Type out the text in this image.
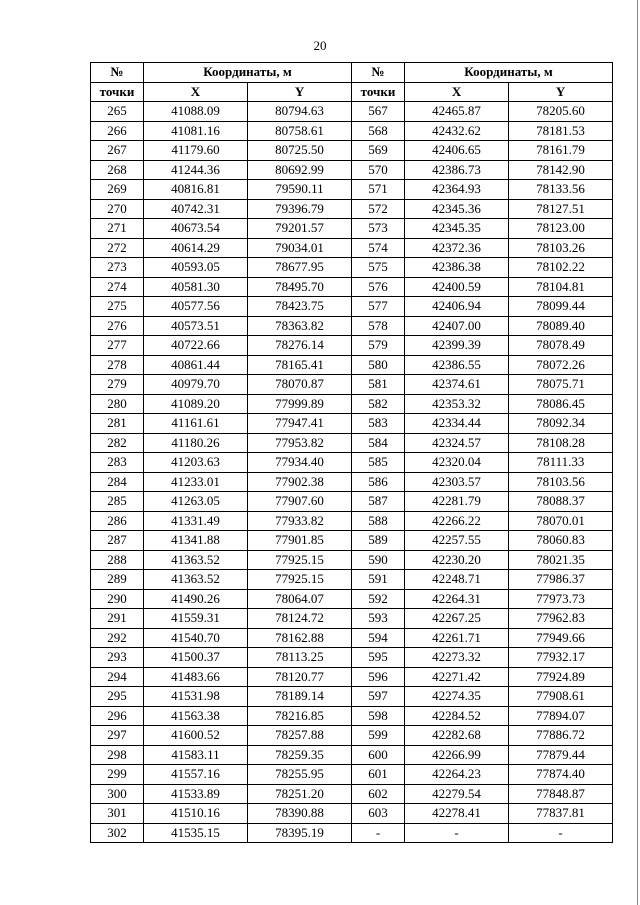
20
№	Координаты, м		№	Координаты, м	
точки	X	Y	точки	X	Y
265	41088.09	80794.63	567	42465.87	78205.60
266	41081.16	80758.61	568	42432.62	78181.53
267	41179.60	80725.50	569	42406.65	78161.79
268	41244.36	80692.99	570	42386.73	78142.90
269	40816.81	79590.11	571	42364.93	78133.56
270	40742.31	79396.79	572	42345.36	78127.51
271	40673.54	79201.57	573	42345.35	78123.00
272	40614.29	79034.01	574	42372.36	78103.26
273	40593.05	78677.95	575	42386.38	78102.22
274	40581.30	78495.70	576	42400.59	78104.81
275	40577.56	78423.75	577	42406.94	78099.44
276	40573.51	78363.82	578	42407.00	78089.40
277	40722.66	78276.14	579	42399.39	78078.49
278	40861.44	78165.41	580	42386.55	78072.26
279	40979.70	78070.87	581	42374.61	78075.71
280	41089.20	77999.89	582	42353.32	78086.45
281	41161.61	77947.41	583	42334.44	78092.34
282	41180.26	77953.82	584	42324.57	78108.28
283	41203.63	77934.40	585	42320.04	78111.33
284	41233.01	77902.38	586	42303.57	78103.56
285	41263.05	77907.60	587	42281.79	78088.37
286	41331.49	77933.82	588	42266.22	78070.01
287	41341.88	77901.85	589	42257.55	78060.83
288	41363.52	77925.15	590	42230.20	78021.35
289	41363.52	77925.15	591	42248.71	77986.37
290	41490.26	78064.07	592	42264.31	77973.73
291	41559.31	78124.72	593	42267.25	77962.83
292	41540.70	78162.88	594	42261.71	77949.66
293	41500.37	78113.25	595	42273.32	77932.17
294	41483.66	78120.77	596	42271.42	77924.89
295	41531.98	78189.14	597	42274.35	77908.61
296	41563.38	78216.85	598	42284.52	77894.07
297	41600.52	78257.88	599	42282.68	77886.72
298	41583.11	78259.35	600	42266.99	77879.44
299	41557.16	78255.95	601	42264.23	77874.40
300	41533.89	78251.20	602	42279.54	77848.87
301	41510.16	78390.88	603	42278.41	77837.81
302	41535.15	78395.19	-	-	-
